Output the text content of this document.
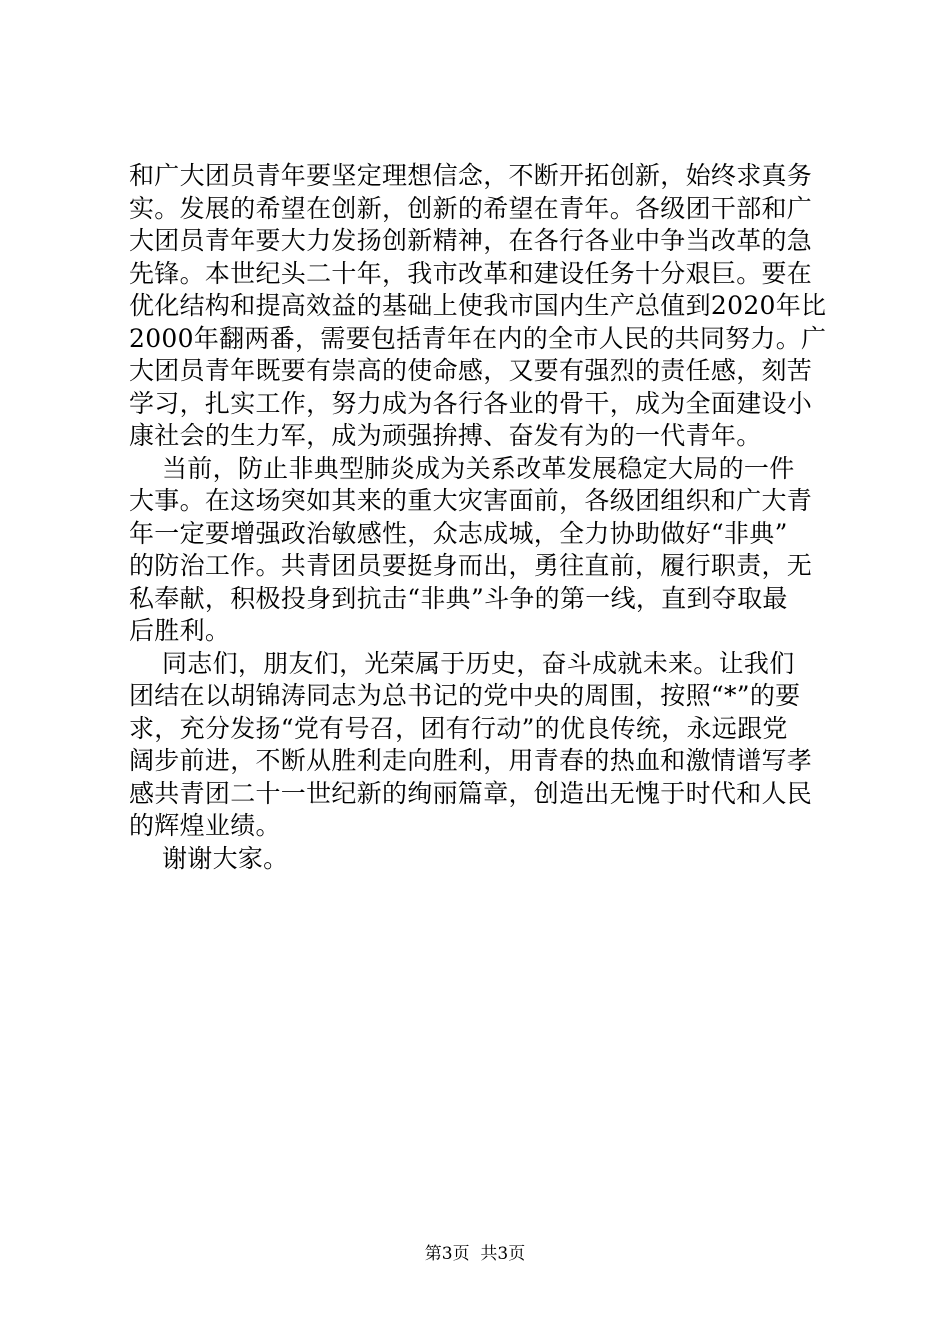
和广大团员青年要坚定理想信念，不断开拓创新，始终求真务
实。发展的希望在创新，创新的希望在青年。各级团干部和广
大团员青年要大力发扬创新精神，在各行各业中争当改革的急
先锋。本世纪头二十年，我市改革和建设任务十分艰巨。要在
优化结构和提高效益的基础上使我市国内生产总值到2020年比
2000年翻两番，需要包括青年在内的全市人民的共同努力。广
大团员青年既要有崇高的使命感，又要有强烈的责任感，刻苦
学习，扎实工作，努力成为各行各业的骨干，成为全面建设小
康社会的生力军，成为顽强拚搏、奋发有为的一代青年。
当前，防止非典型肺炎成为关系改革发展稳定大局的一件
大事。在这场突如其来的重大灾害面前，各级团组织和广大青
年一定要增强政治敏感性，众志成城，全力协助做好“非典”
的防治工作。共青团员要挺身而出，勇往直前，履行职责，无
私奉献，积极投身到抗击“非典”斗争的第一线，直到夺取最
后胜利。
同志们，朋友们，光荣属于历史，奋斗成就未来。让我们
团结在以胡锦涛同志为总书记的党中央的周围，按照“*”的要
求，充分发扬“党有号召，团有行动”的优良传统，永远跟党
阔步前进，不断从胜利走向胜利，用青春的热血和激情谱写孝
感共青团二十一世纪新的绚丽篇章，创造出无愧于时代和人民
的辉煌业绩。
谢谢大家。
第3页  共3页
